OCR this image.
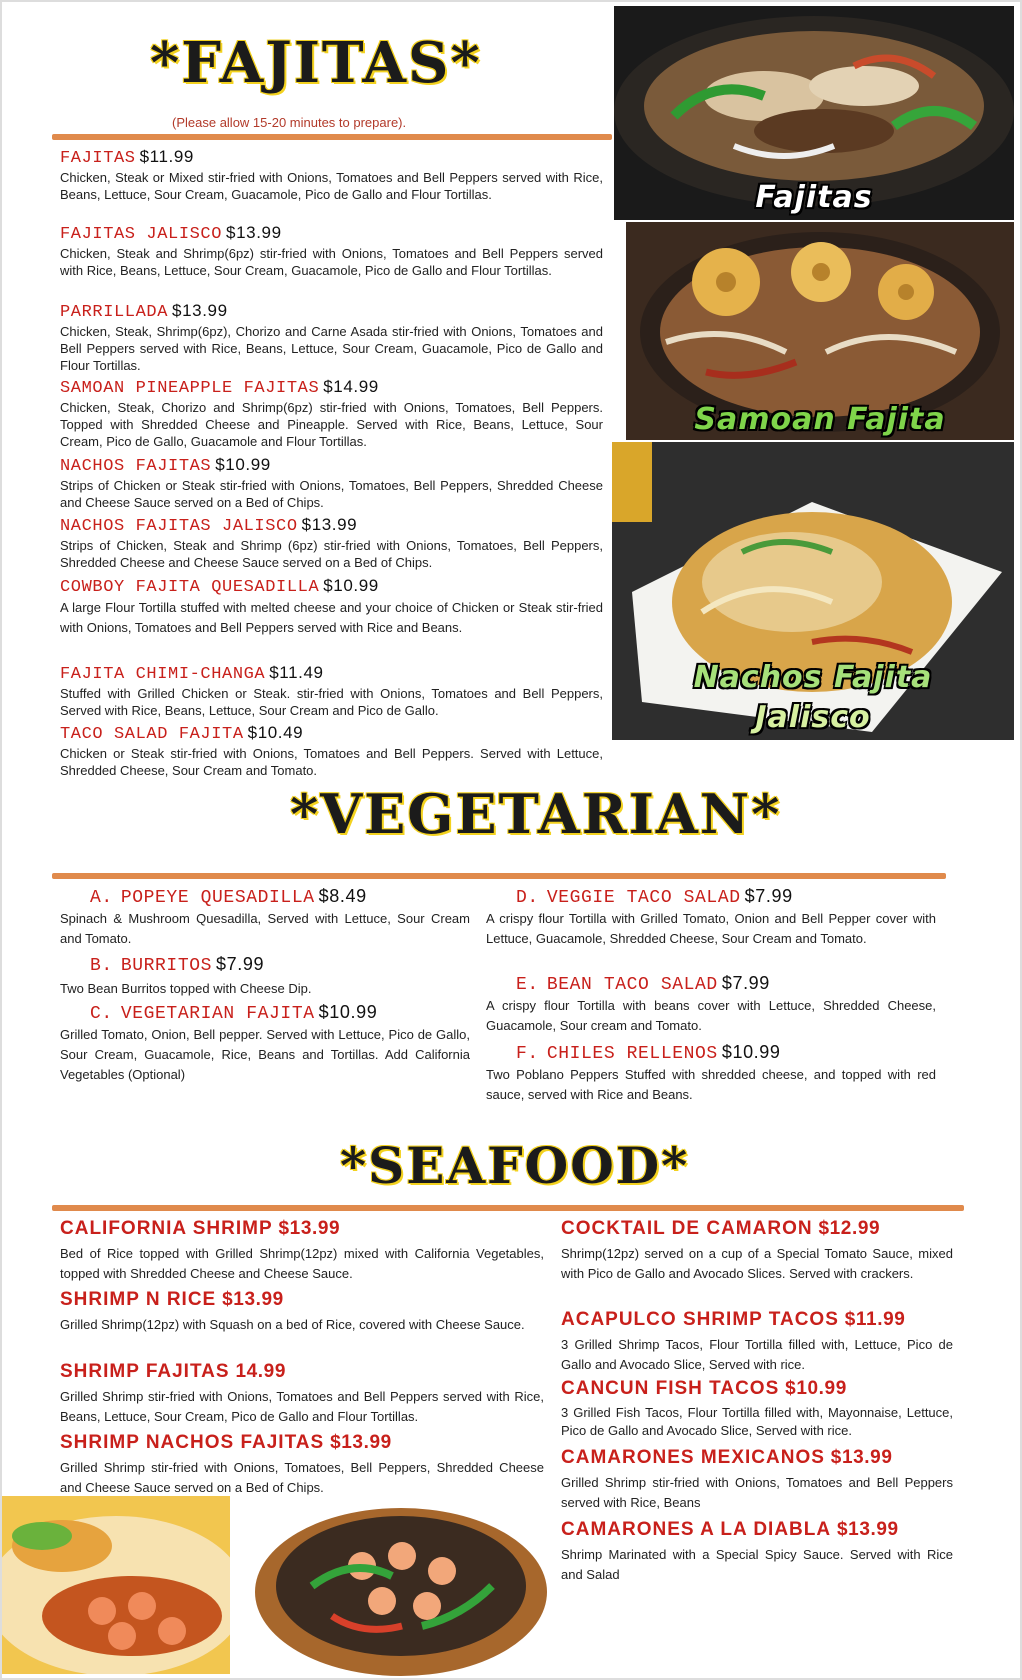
*FAJITAS*
(Please allow 15-20 minutes to prepare).
FAJITAS $11.99
Chicken, Steak or Mixed stir-fried with Onions, Tomatoes and Bell Peppers served with Rice, Beans, Lettuce, Sour Cream, Guacamole, Pico de Gallo and Flour Tortillas.
FAJITAS JALISCO $13.99
Chicken, Steak and Shrimp(6pz) stir-fried with Onions, Tomatoes and Bell Peppers served with Rice, Beans, Lettuce, Sour Cream, Guacamole, Pico de Gallo and Flour Tortillas.
PARRILLADA $13.99
Chicken, Steak, Shrimp(6pz), Chorizo and Carne Asada stir-fried with Onions, Tomatoes and Bell Peppers served with Rice, Beans, Lettuce, Sour Cream, Guacamole, Pico de Gallo and Flour Tortillas.
SAMOAN PINEAPPLE FAJITAS $14.99
Chicken, Steak, Chorizo and Shrimp(6pz) stir-fried with Onions, Tomatoes, Bell Peppers. Topped with Shredded Cheese and Pineapple. Served with Rice, Beans, Lettuce, Sour Cream, Pico de Gallo, Guacamole and Flour Tortillas.
NACHOS FAJITAS $10.99
Strips of Chicken or Steak stir-fried with Onions, Tomatoes, Bell Peppers, Shredded Cheese and Cheese Sauce served on a Bed of Chips.
NACHOS FAJITAS JALISCO $13.99
Strips of Chicken, Steak and Shrimp (6pz) stir-fried with Onions, Tomatoes, Bell Peppers, Shredded Cheese and Cheese Sauce served on a Bed of Chips.
COWBOY FAJITA QUESADILLA $10.99
A large Flour Tortilla stuffed with melted cheese and your choice of Chicken or Steak stir-fried with Onions, Tomatoes and Bell Peppers served with Rice and Beans.
FAJITA CHIMI-CHANGA $11.49
Stuffed with Grilled Chicken or Steak. stir-fried with Onions, Tomatoes and Bell Peppers, Served with Rice, Beans, Lettuce, Sour Cream and Pico de Gallo.
TACO SALAD FAJITA $10.49
Chicken or Steak stir-fried with Onions, Tomatoes and Bell Peppers. Served with Lettuce, Shredded Cheese, Sour Cream and Tomato.
Fajitas
Samoan Fajita
Nachos Fajita
Jalisco
*VEGETARIAN*
A. POPEYE QUESADILLA $8.49
Spinach & Mushroom Quesadilla, Served with Lettuce, Sour Cream and Tomato.
B. BURRITOS $7.99
Two Bean Burritos topped with Cheese Dip.
C. VEGETARIAN FAJITA $10.99
Grilled Tomato, Onion, Bell pepper. Served with Lettuce, Pico de Gallo, Sour Cream, Guacamole, Rice, Beans and Tortillas. Add California Vegetables (Optional)
D. VEGGIE TACO SALAD $7.99
A crispy flour Tortilla with Grilled Tomato, Onion and Bell Pepper cover with Lettuce, Guacamole, Shredded Cheese, Sour Cream and Tomato.
E. BEAN TACO SALAD $7.99
A crispy flour Tortilla with beans cover with Lettuce, Shredded Cheese, Guacamole, Sour cream and Tomato.
F. CHILES RELLENOS $10.99
Two Poblano Peppers Stuffed with shredded cheese, and topped with red sauce, served with Rice and Beans.
*SEAFOOD*
CALIFORNIA SHRIMP $13.99
Bed of Rice topped with Grilled Shrimp(12pz) mixed with California Vegetables, topped with Shredded Cheese and Cheese Sauce.
SHRIMP N RICE $13.99
Grilled Shrimp(12pz) with Squash on a bed of Rice, covered with Cheese Sauce.
SHRIMP FAJITAS 14.99
Grilled Shrimp stir-fried with Onions, Tomatoes and Bell Peppers served with Rice, Beans, Lettuce, Sour Cream, Pico de Gallo and Flour Tortillas.
SHRIMP NACHOS FAJITAS $13.99
Grilled Shrimp stir-fried with Onions, Tomatoes, Bell Peppers, Shredded Cheese and Cheese Sauce served on a Bed of Chips.
COCKTAIL DE CAMARON $12.99
Shrimp(12pz) served on a cup of a Special Tomato Sauce, mixed with Pico de Gallo and Avocado Slices. Served with crackers.
ACAPULCO SHRIMP TACOS $11.99
3 Grilled Shrimp Tacos, Flour Tortilla filled with, Lettuce, Pico de Gallo and Avocado Slice, Served with rice.
CANCUN FISH TACOS $10.99
3 Grilled Fish Tacos, Flour Tortilla filled with, Mayonnaise, Lettuce, Pico de Gallo and Avocado Slice, Served with rice.
CAMARONES MEXICANOS $13.99
Grilled Shrimp stir-fried with Onions, Tomatoes and Bell Peppers served with Rice, Beans
CAMARONES A LA DIABLA $13.99
Shrimp Marinated with a Special Spicy Sauce. Served with Rice and Salad
